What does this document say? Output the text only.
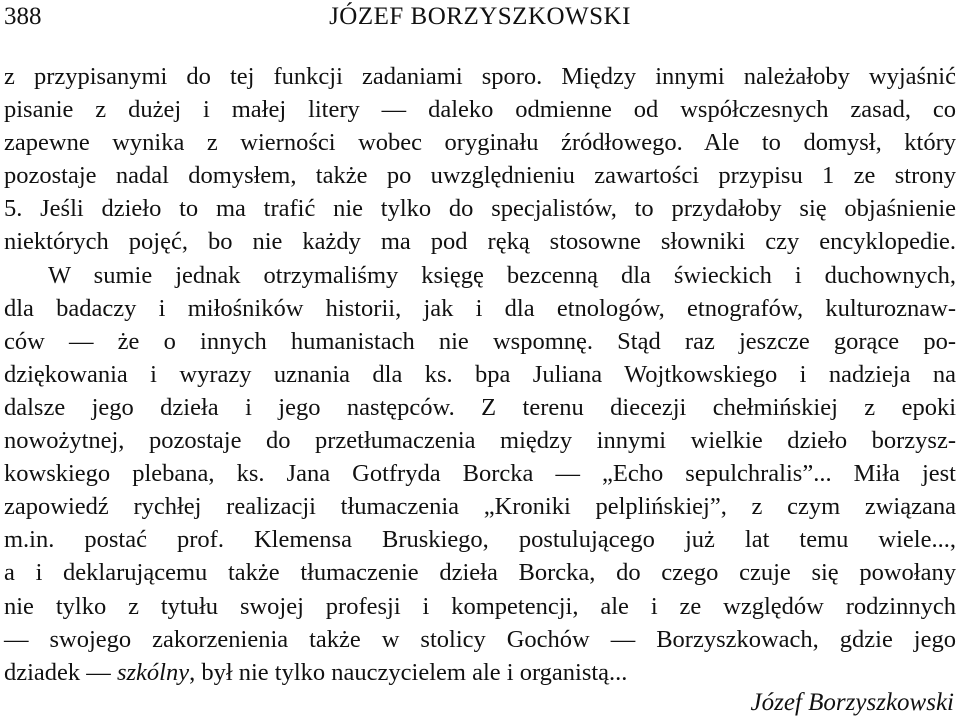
388	JÓZEF BORZYSZKOWSKI
z przypisanymi do tej funkcji zadaniami sporo. Między innymi należałoby wyjaśnić
pisanie z dużej i małej litery — daleko odmienne od współczesnych zasad, co
zapewne wynika z wierności wobec oryginału źródłowego. Ale to domysł, który
pozostaje nadal domysłem, także po uwzględnieniu zawartości przypisu 1 ze strony
5. Jeśli dzieło to ma trafić nie tylko do specjalistów, to przydałoby się objaśnienie
niektórych pojęć, bo nie każdy ma pod ręką stosowne słowniki czy encyklopedie.
W sumie jednak otrzymaliśmy księgę bezcenną dla świeckich i duchownych,
dla badaczy i miłośników historii, jak i dla etnologów, etnografów, kulturoznaw-
ców — że o innych humanistach nie wspomnę. Stąd raz jeszcze gorące po-
dziękowania i wyrazy uznania dla ks. bpa Juliana Wojtkowskiego i nadzieja na
dalsze jego dzieła i jego następców. Z terenu diecezji chełmińskiej z epoki
nowożytnej, pozostaje do przetłumaczenia między innymi wielkie dzieło borzysz-
kowskiego plebana, ks. Jana Gotfryda Borcka — „Echo sepulchralis”... Miła jest
zapowiedź rychłej realizacji tłumaczenia „Kroniki pelplińskiej”, z czym związana
m.in. postać prof. Klemensa Bruskiego, postulującego już lat temu wiele...,
a i deklarującemu także tłumaczenie dzieła Borcka, do czego czuje się powołany
nie tylko z tytułu swojej profesji i kompetencji, ale i ze względów rodzinnych
— swojego zakorzenienia także w stolicy Gochów — Borzyszkowach, gdzie jego
dziadek — szkólny, był nie tylko nauczycielem ale i organistą...
Józef Borzyszkowski
